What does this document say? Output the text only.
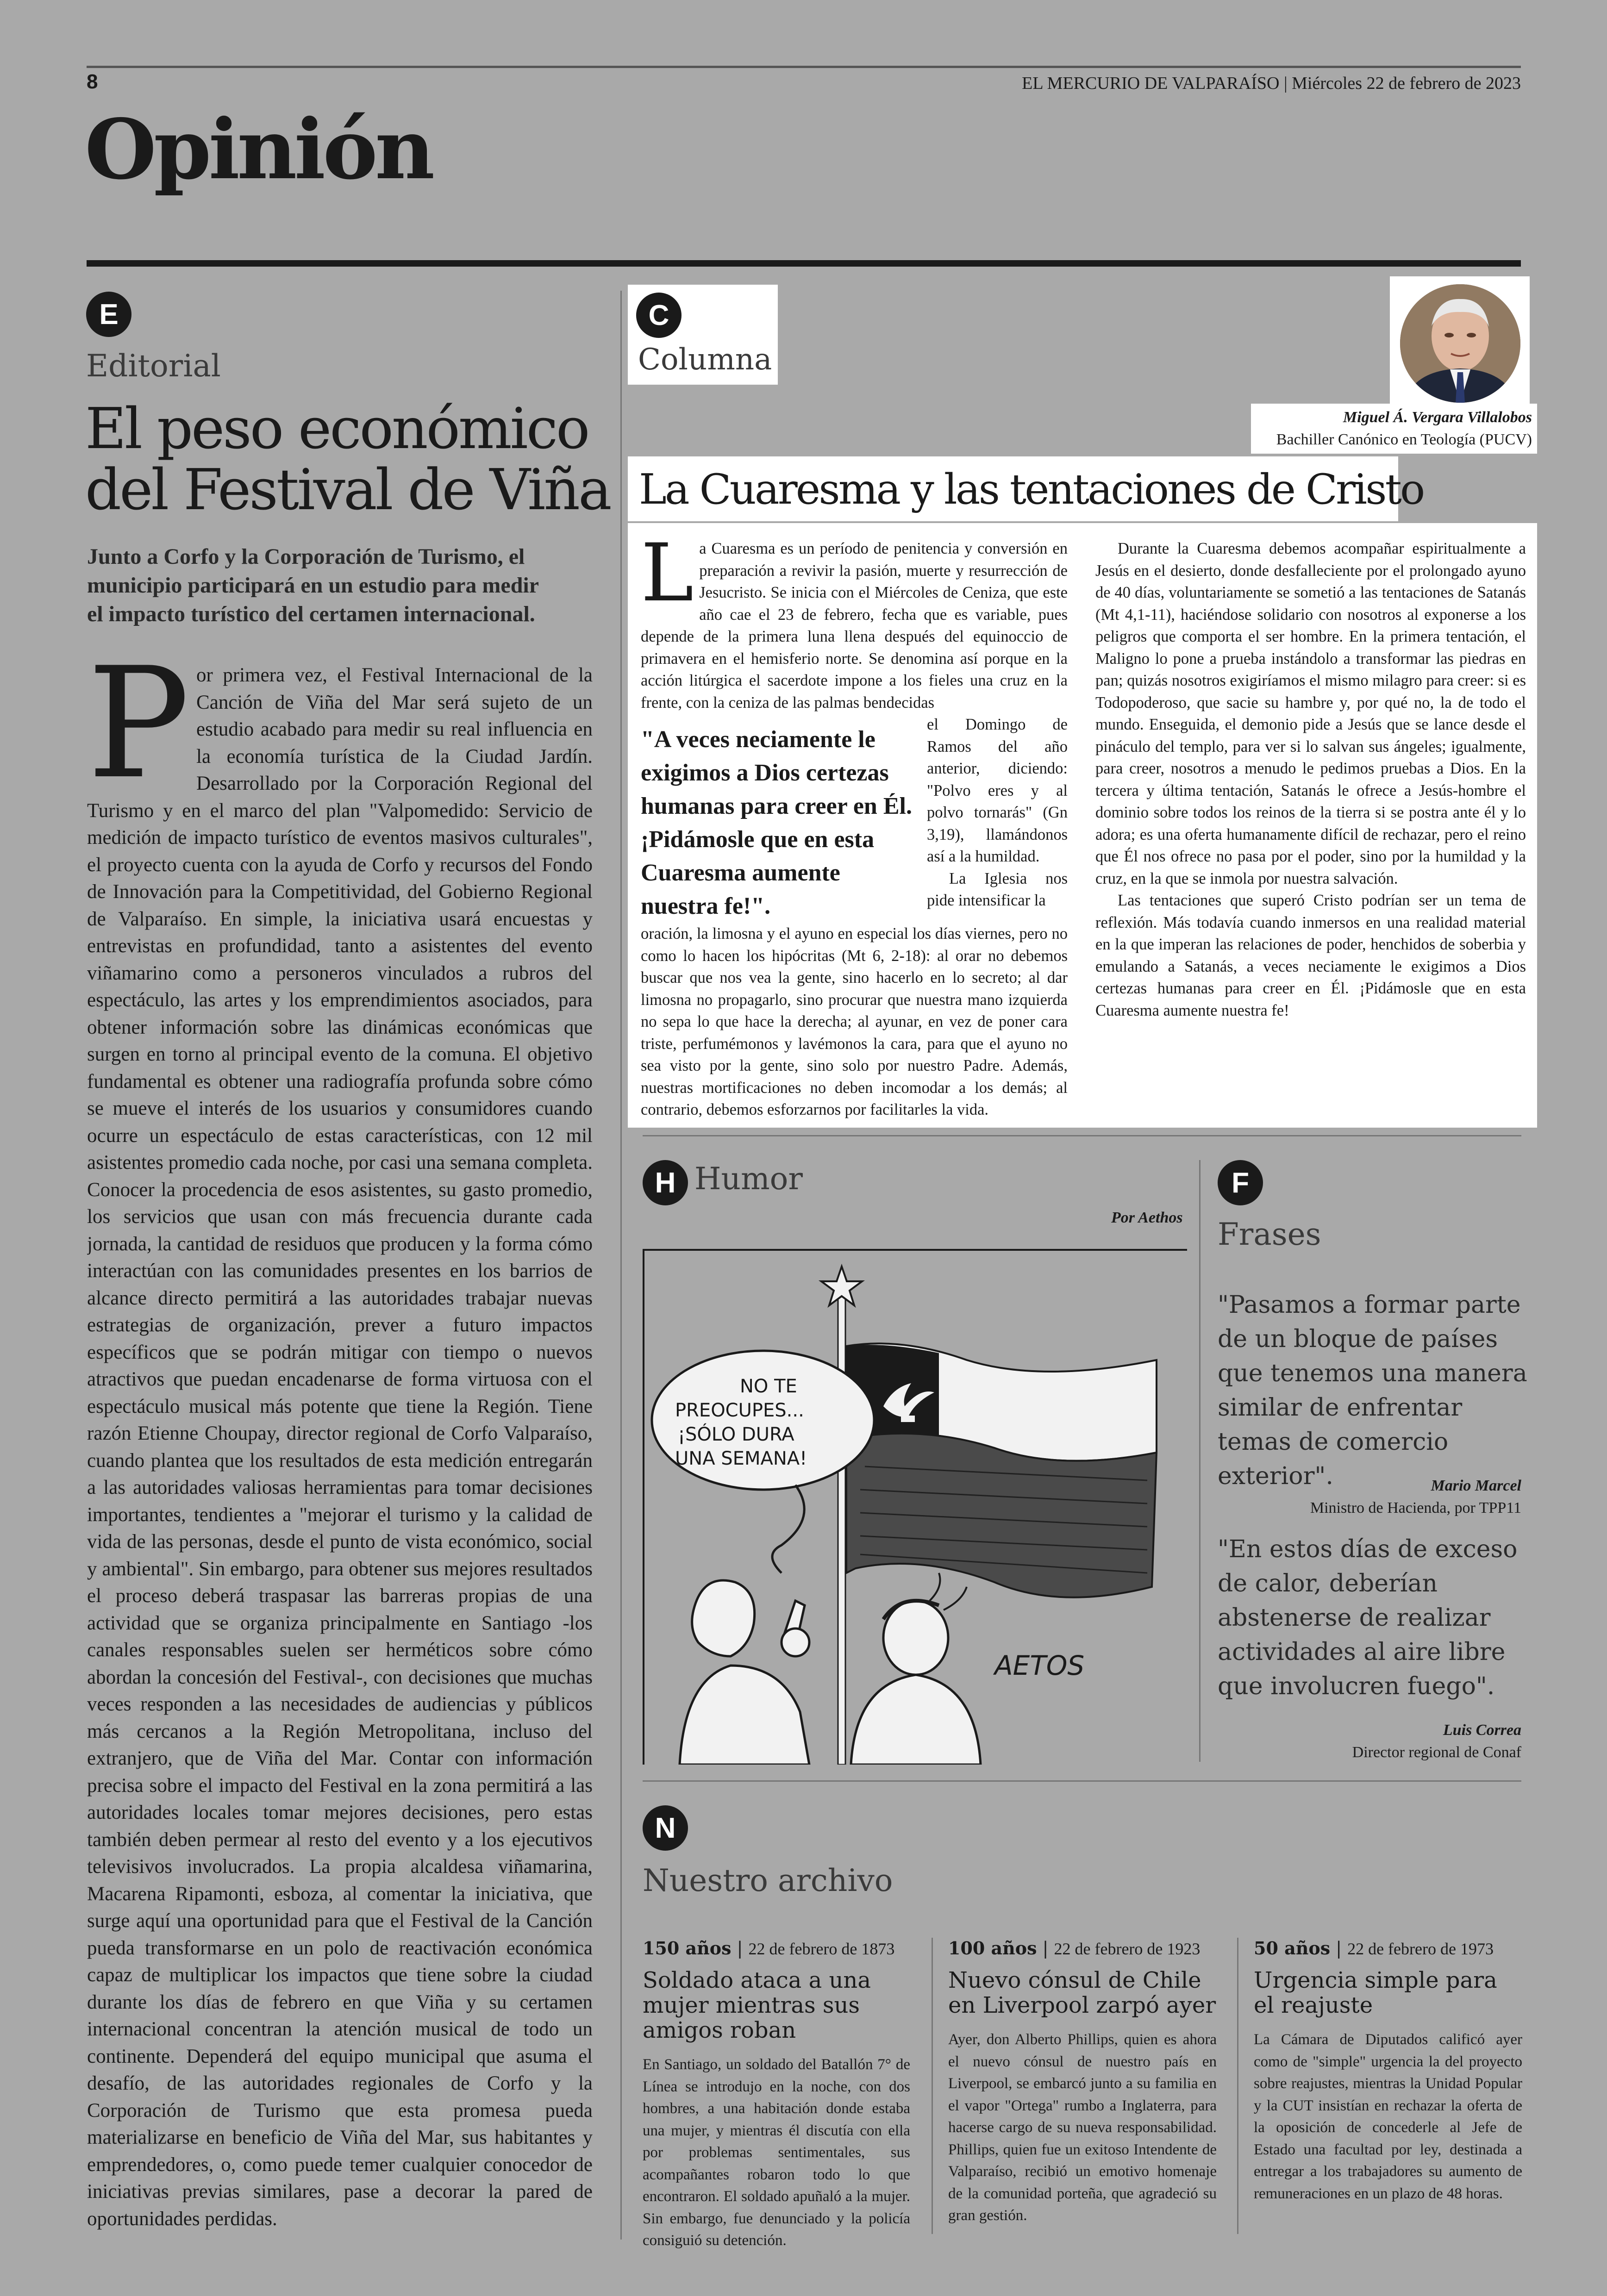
8	EL MERCURIO DE VALPARAÍSO | Miércoles 22 de febrero de 2023
Opinión
E
Editorial
El peso económico
del Festival de Viña
Junto a Corfo y la Corporación de Turismo, el
municipio participará en un estudio para medir
el impacto turístico del certamen internacional.
P or primera vez, el Festival Internacional de la Canción de Viña del Mar será sujeto de un estudio acabado para medir su real influencia en la economía turística de la Ciudad Jardín. Desarrollado por la Corporación Regional del Turismo y en el marco del plan "Valpomedido: Servicio de medición de impacto turístico de eventos masivos culturales", el proyecto cuenta con la ayuda de Corfo y recursos del Fondo de Innovación para la Competitividad, del Gobierno Regional de Valparaíso. En simple, la iniciativa usará encuestas y entrevistas en profundidad, tanto a asistentes del evento viñamarino como a personeros vinculados a rubros del espectáculo, las artes y los emprendimientos asociados, para obtener información sobre las dinámicas económicas que surgen en torno al principal evento de la comuna. El objetivo fundamental es obtener una radiografía profunda sobre cómo se mueve el interés de los usuarios y consumidores cuando ocurre un espectáculo de estas características, con 12 mil asistentes promedio cada noche, por casi una semana completa. Conocer la procedencia de esos asistentes, su gasto promedio, los servicios que usan con más frecuencia durante cada jornada, la cantidad de residuos que producen y la forma cómo interactúan con las comunidades presentes en los barrios de alcance directo permitirá a las autoridades trabajar nuevas estrategias de organización, prever a futuro impactos específicos que se podrán mitigar con tiempo o nuevos atractivos que puedan encadenarse de forma virtuosa con el espectáculo musical más potente que tiene la Región. Tiene razón Etienne Choupay, director regional de Corfo Valparaíso, cuando plantea que los resultados de esta medición entregarán a las autoridades valiosas herramientas para tomar decisiones importantes, tendientes a "mejorar el turismo y la calidad de vida de las personas, desde el punto de vista económico, social y ambiental". Sin embargo, para obtener sus mejores resultados el proceso deberá traspasar las barreras propias de una actividad que se organiza principalmente en Santiago -los canales responsables suelen ser herméticos sobre cómo abordan la concesión del Festival-, con decisiones que muchas veces responden a las necesidades de audiencias y públicos más cercanos a la Región Metropolitana, incluso del extranjero, que de Viña del Mar. Contar con información precisa sobre el impacto del Festival en la zona permitirá a las autoridades locales tomar mejores decisiones, pero estas también deben permear al resto del evento y a los ejecutivos televisivos involucrados. La propia alcaldesa viñamarina, Macarena Ripamonti, esboza, al comentar la iniciativa, que surge aquí una oportunidad para que el Festival de la Canción pueda transformarse en un polo de reactivación económica capaz de multiplicar los impactos que tiene sobre la ciudad durante los días de febrero en que Viña y su certamen internacional concentran la atención musical de todo un continente. Dependerá del equipo municipal que asuma el desafío, de las autoridades regionales de Corfo y la Corporación de Turismo que esta promesa pueda materializarse en beneficio de Viña del Mar, sus habitantes y emprendedores, o, como puede temer cualquier conocedor de iniciativas previas similares, pase a decorar la pared de oportunidades perdidas.

C
Columna
Miguel Á. Vergara Villalobos
Bachiller Canónico en Teología (PUCV)
La Cuaresma y las tentaciones de Cristo
L a Cuaresma es un período de penitencia y conversión en preparación a revivir la pasión, muerte y resurrección de Jesucristo. Se inicia con el Miércoles de Ceniza, que este año cae el 23 de febrero, fecha que es variable, pues depende de la primera luna llena después del equinoccio de primavera en el hemisferio norte. Se denomina así porque en la acción litúrgica el sacerdote impone a los fieles una cruz en la frente, con la ceniza de las palmas bendecidas

"A veces neciamente le exigimos a Dios certezas humanas para creer en Él. ¡Pidámosle que en esta Cuaresma aumente nuestra fe!".

el Domingo de Ramos del año anterior, diciendo: "Polvo eres y al polvo tornarás" (Gn 3,19), llamándonos así a la humildad.

La Iglesia nos pide intensificar la

oración, la limosna y el ayuno en especial los días viernes, pero no como lo hacen los hipócritas (Mt 6, 2-18): al orar no debemos buscar que nos vea la gente, sino hacerlo en lo secreto; al dar limosna no propagarlo, sino procurar que nuestra mano izquierda no sepa lo que hace la derecha; al ayunar, en vez de poner cara triste, perfumémonos y lavémonos la cara, para que el ayuno no sea visto por la gente, sino solo por nuestro Padre. Además, nuestras mortificaciones no deben incomodar a los demás; al contrario, debemos esforzarnos por facilitarles la vida.

Durante la Cuaresma debemos acompañar espiritualmente a Jesús en el desierto, donde desfalleciente por el prolongado ayuno de 40 días, voluntariamente se sometió a las tentaciones de Satanás (Mt 4,1-11), haciéndose solidario con nosotros al exponerse a los peligros que comporta el ser hombre. En la primera tentación, el Maligno lo pone a prueba instándolo a transformar las piedras en pan; quizás nosotros exigiríamos el mismo milagro para creer: si es Todopoderoso, que sacie su hambre y, por qué no, la de todo el mundo. Enseguida, el demonio pide a Jesús que se lance desde el pináculo del templo, para ver si lo salvan sus ángeles; igualmente, para creer, nosotros a menudo le pedimos pruebas a Dios. En la tercera y última tentación, Satanás le ofrece a Jesús-hombre el dominio sobre todos los reinos de la tierra si se postra ante él y lo adora; es una oferta humanamente difícil de rechazar, pero el reino que Él nos ofrece no pasa por el poder, sino por la humildad y la cruz, en la que se inmola por nuestra salvación.

Las tentaciones que superó Cristo podrían ser un tema de reflexión. Más todavía cuando inmersos en una realidad material en la que imperan las relaciones de poder, henchidos de soberbia y emulando a Satanás, a veces neciamente le exigimos a Dios certezas humanas para creer en Él. ¡Pidámosle que en esta Cuaresma aumente nuestra fe!

H Humor
Por Aethos
NO TE
PREOCUPES...
¡SÓLO DURA
UNA SEMANA!
AETOS
F
Frases
"Pasamos a formar parte de un bloque de países que tenemos una manera similar de enfrentar temas de comercio exterior".	Mario Marcel
Ministro de Hacienda, por TPP11
"En estos días de exceso de calor, deberían abstenerse de realizar actividades al aire libre que involucren fuego".
Luis Correa
Director regional de Conaf
N
Nuestro archivo
150 años | 22 de febrero de 1873
Soldado ataca a una mujer mientras sus amigos roban
En Santiago, un soldado del Batallón 7° de Línea se introdujo en la noche, con dos hombres, a una habitación donde estaba una mujer, y mientras él discutía con ella por problemas sentimentales, sus acompañantes robaron todo lo que encontraron. El soldado apuñaló a la mujer. Sin embargo, fue denunciado y la policía consiguió su detención.
100 años | 22 de febrero de 1923
Nuevo cónsul de Chile en Liverpool zarpó ayer
Ayer, don Alberto Phillips, quien es ahora el nuevo cónsul de nuestro país en Liverpool, se embarcó junto a su familia en el vapor "Ortega" rumbo a Inglaterra, para hacerse cargo de su nueva responsabilidad. Phillips, quien fue un exitoso Intendente de Valparaíso, recibió un emotivo homenaje de la comunidad porteña, que agradeció su gran gestión.
50 años | 22 de febrero de 1973
Urgencia simple para el reajuste
La Cámara de Diputados calificó ayer como de "simple" urgencia la del proyecto sobre reajustes, mientras la Unidad Popular y la CUT insistían en rechazar la oferta de la oposición de concederle al Jefe de Estado una facultad por ley, destinada a entregar a los trabajadores su aumento de remuneraciones en un plazo de 48 horas.
